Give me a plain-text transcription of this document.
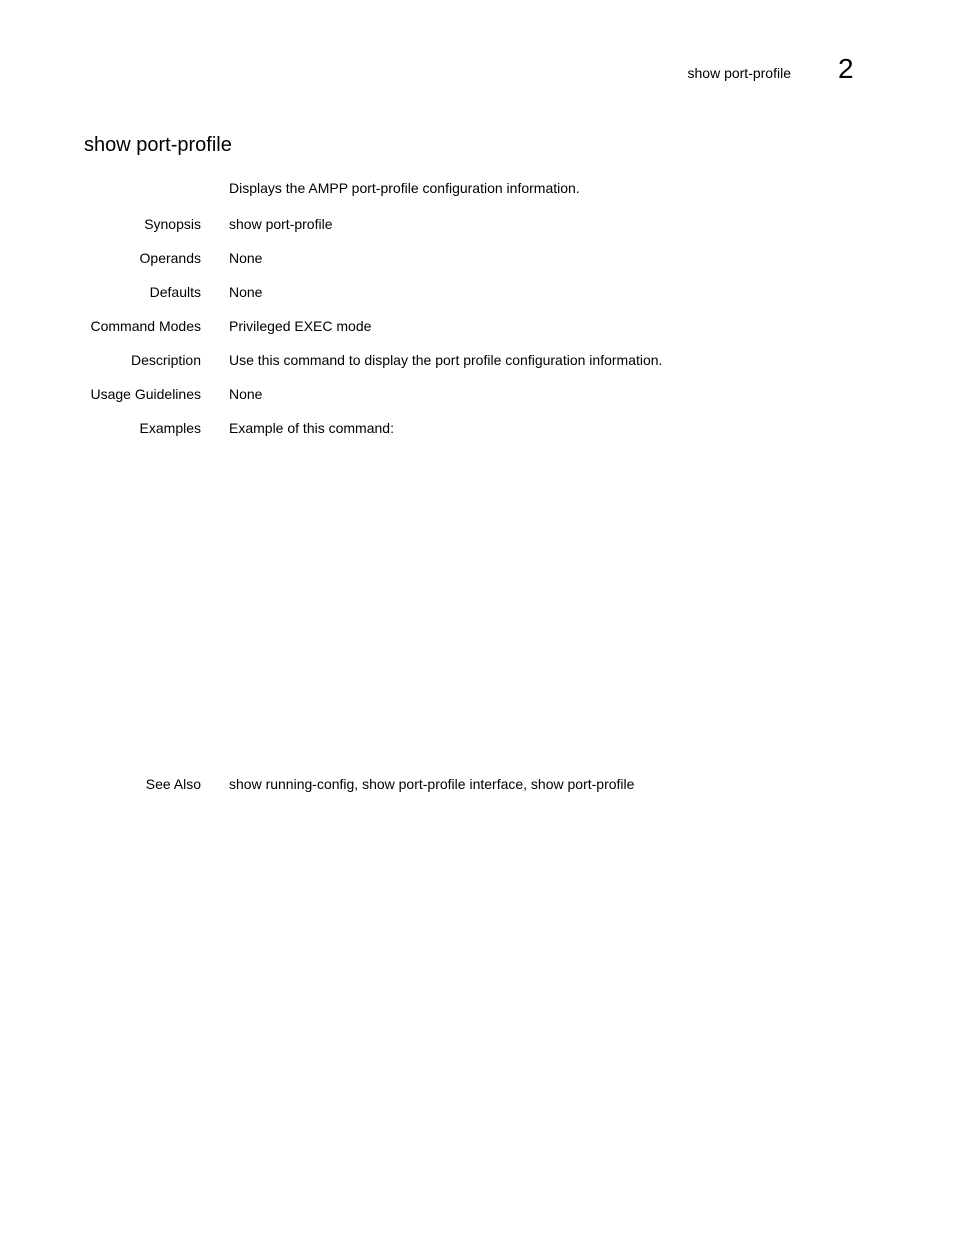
show port-profile 2
show port-profile
Displays the AMPP port-profile configuration information.
Synopsis show port-profile
Operands None
Defaults None
Command Modes Privileged EXEC mode
Description Use this command to display the port profile configuration information.
Usage Guidelines None
Examples Example of this command:
See Also show running-config, show port-profile interface, show port-profile
